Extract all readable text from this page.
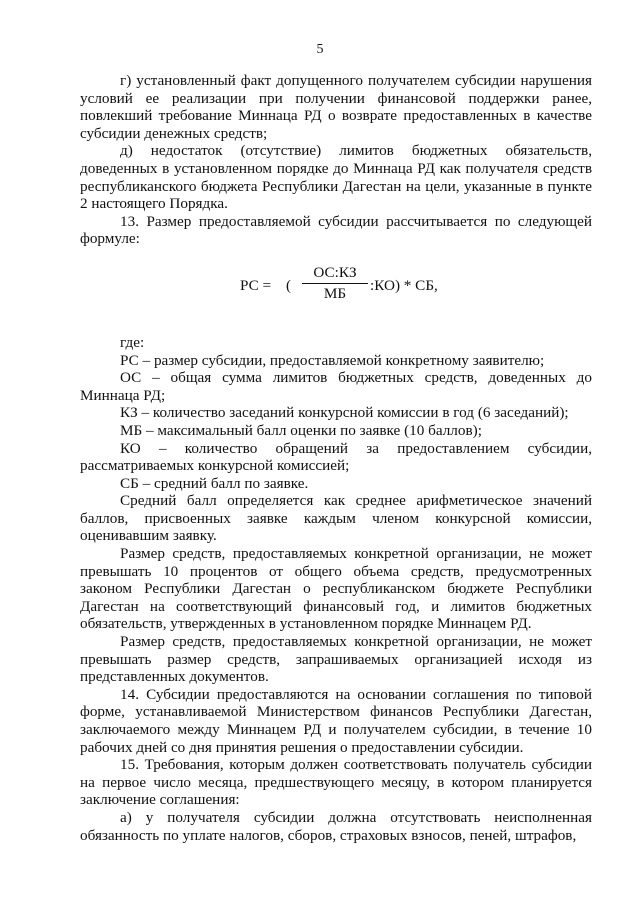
5

г) установленный факт допущенного получателем субсидии нарушения условий ее реализации при получении финансовой поддержки ранее, повлекший требование Миннаца РД о возврате предоставленных в качестве субсидии денежных средств;

д) недостаток (отсутствие) лимитов бюджетных обязательств, доведенных в установленном порядке до Миннаца РД как получателя средств республиканского бюджета Республики Дагестан на цели, указанные в пункте 2 настоящего Порядка.

13. Размер предоставляемой субсидии рассчитывается по следующей формуле:

РС = (
ОС:КЗ
МБ	:КО) * СБ,

где:

РС – размер субсидии, предоставляемой конкретному заявителю;

ОС – общая сумма лимитов бюджетных средств, доведенных до Миннаца РД;

КЗ – количество заседаний конкурсной комиссии в год (6 заседаний);

МБ – максимальный балл оценки по заявке (10 баллов);

КО – количество обращений за предоставлением субсидии, рассматриваемых конкурсной комиссией;

СБ – средний балл по заявке.

Средний балл определяется как среднее арифметическое значений баллов, присвоенных заявке каждым членом конкурсной комиссии, оценивавшим заявку.

Размер средств, предоставляемых конкретной организации, не может превышать 10 процентов от общего объема средств, предусмотренных законом Республики Дагестан о республиканском бюджете Республики Дагестан на соответствующий финансовый год, и лимитов бюджетных обязательств, утвержденных в установленном порядке Миннацем РД.

Размер средств, предоставляемых конкретной организации, не может превышать размер средств, запрашиваемых организацией исходя из представленных документов.

14. Субсидии предоставляются на основании соглашения по типовой форме, устанавливаемой Министерством финансов Республики Дагестан, заключаемого между Миннацем РД и получателем субсидии, в течение 10 рабочих дней со дня принятия решения о предоставлении субсидии.

15. Требования, которым должен соответствовать получатель субсидии на первое число месяца, предшествующего месяцу, в котором планируется заключение соглашения:

а) у получателя субсидии должна отсутствовать неисполненная обязанность по уплате налогов, сборов, страховых взносов, пеней, штрафов,
